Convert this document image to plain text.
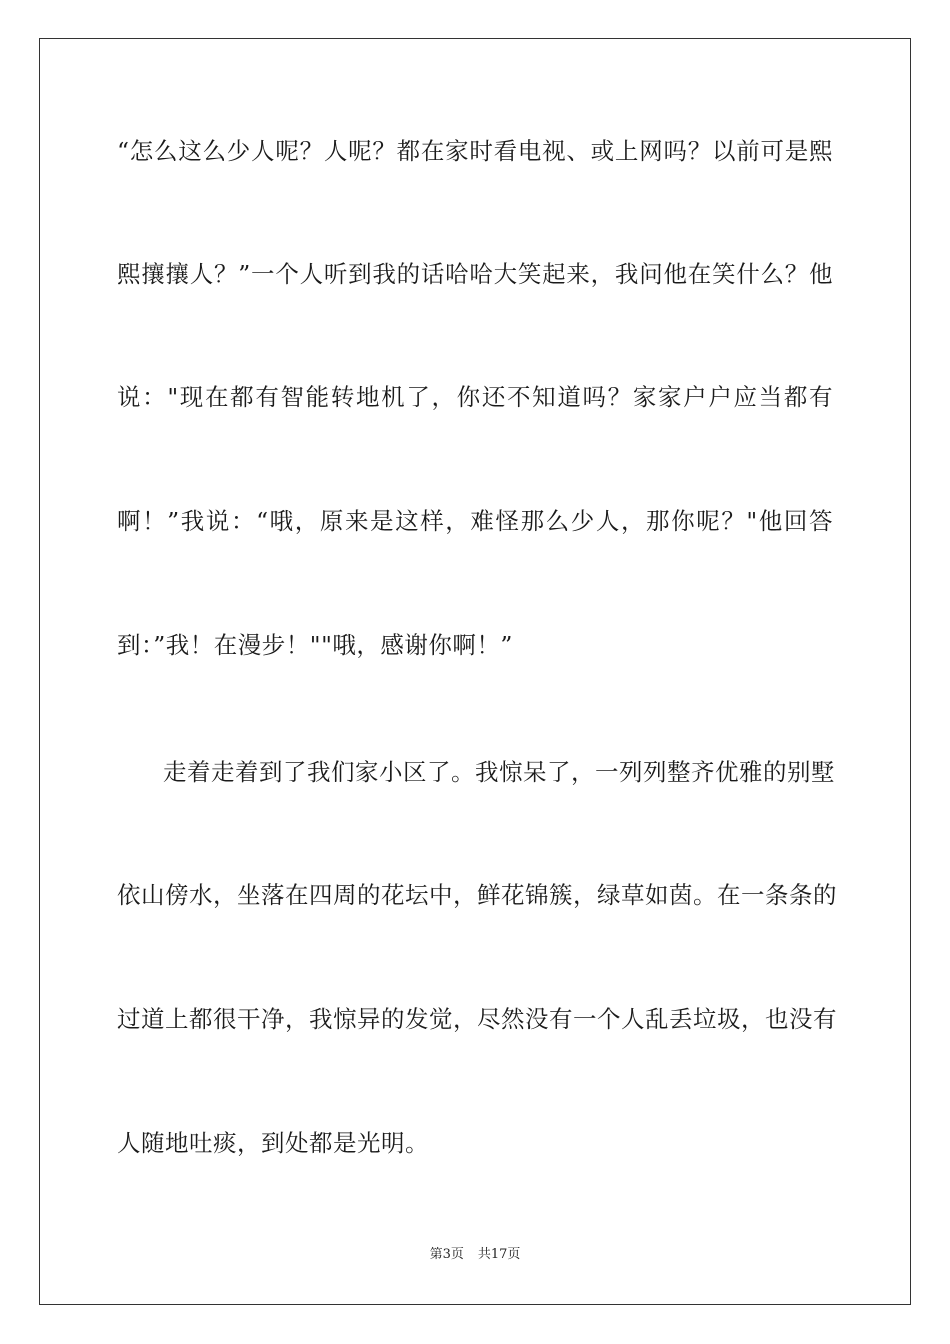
“怎么这么少人呢？人呢？都在家时看电视、或上网吗？以前可是熙
熙攘攘人？”一个人听到我的话哈哈大笑起来，我问他在笑什么？他
说："现在都有智能转地机了，你还不知道吗？家家户户应当都有
啊！”我说：“哦，原来是这样，难怪那么少人，那你呢？"他回答
到：”我！在漫步！""哦，感谢你啊！”
走着走着到了我们家小区了。我惊呆了，一列列整齐优雅的别墅
依山傍水，坐落在四周的花坛中，鲜花锦簇，绿草如茵。在一条条的
过道上都很干净，我惊异的发觉，尽然没有一个人乱丢垃圾，也没有
人随地吐痰，到处都是光明。
第3页 共17页
